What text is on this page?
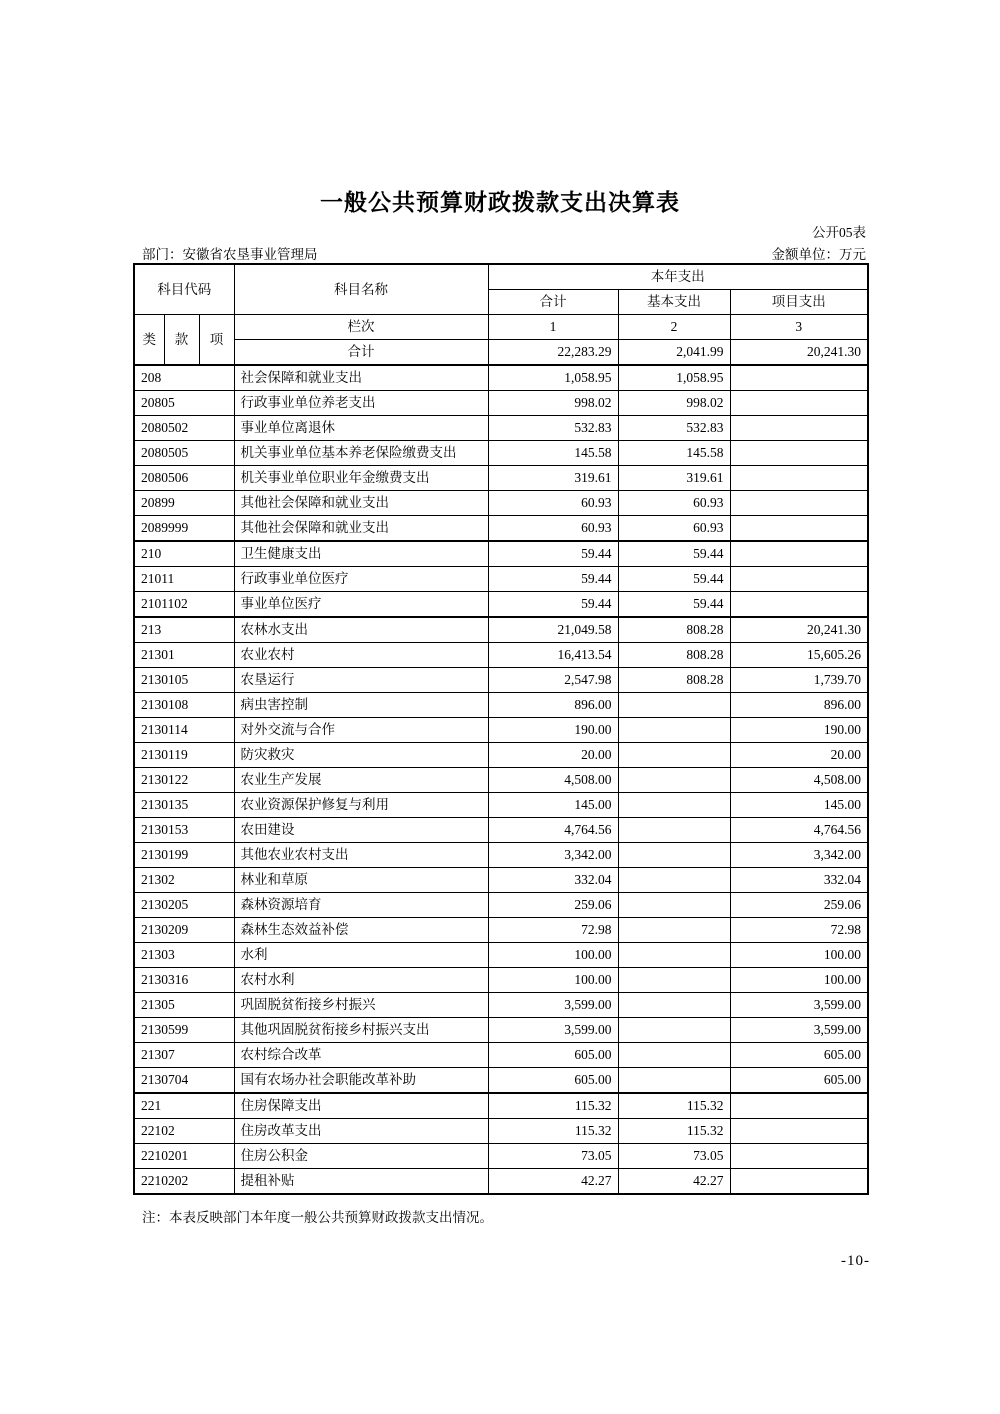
一般公共预算财政拨款支出决算表
公开05表
部门：安徽省农垦事业管理局	金额单位：万元
科目代码			科目名称	本年支出		
				合计	基本支出	项目支出
类	款	项	栏次	1	2	3
			合计	22,283.29	2,041.99	20,241.30
208			社会保障和就业支出	1,058.95	1,058.95	
20805			行政事业单位养老支出	998.02	998.02	
2080502			事业单位离退休	532.83	532.83	
2080505			机关事业单位基本养老保险缴费支出	145.58	145.58	
2080506			机关事业单位职业年金缴费支出	319.61	319.61	
20899			其他社会保障和就业支出	60.93	60.93	
2089999			其他社会保障和就业支出	60.93	60.93	
210			卫生健康支出	59.44	59.44	
21011			行政事业单位医疗	59.44	59.44	
2101102			事业单位医疗	59.44	59.44	
213			农林水支出	21,049.58	808.28	20,241.30
21301			农业农村	16,413.54	808.28	15,605.26
2130105			农垦运行	2,547.98	808.28	1,739.70
2130108			病虫害控制	896.00		896.00
2130114			对外交流与合作	190.00		190.00
2130119			防灾救灾	20.00		20.00
2130122			农业生产发展	4,508.00		4,508.00
2130135			农业资源保护修复与利用	145.00		145.00
2130153			农田建设	4,764.56		4,764.56
2130199			其他农业农村支出	3,342.00		3,342.00
21302			林业和草原	332.04		332.04
2130205			森林资源培育	259.06		259.06
2130209			森林生态效益补偿	72.98		72.98
21303			水利	100.00		100.00
2130316			农村水利	100.00		100.00
21305			巩固脱贫衔接乡村振兴	3,599.00		3,599.00
2130599			其他巩固脱贫衔接乡村振兴支出	3,599.00		3,599.00
21307			农村综合改革	605.00		605.00
2130704			国有农场办社会职能改革补助	605.00		605.00
221			住房保障支出	115.32	115.32	
22102			住房改革支出	115.32	115.32	
2210201			住房公积金	73.05	73.05	
2210202			提租补贴	42.27	42.27	
注：本表反映部门本年度一般公共预算财政拨款支出情况。
-10-
